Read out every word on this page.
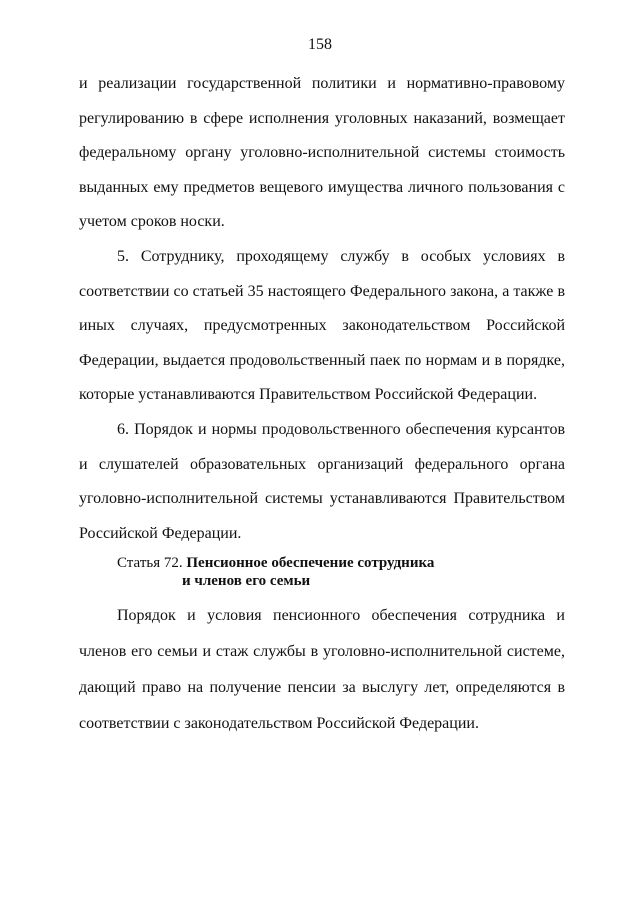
158

и реализации государственной политики и нормативно-правовому регулированию в сфере исполнения уголовных наказаний, возмещает федеральному органу уголовно-исполнительной системы стоимость выданных ему предметов вещевого имущества личного пользования с учетом сроков носки.

5. Сотруднику, проходящему службу в особых условиях в соответствии со статьей 35 настоящего Федерального закона, а также в иных случаях, предусмотренных законодательством Российской Федерации, выдается продовольственный паек по нормам и в порядке, которые устанавливаются Правительством Российской Федерации.

6. Порядок и нормы продовольственного обеспечения курсантов и слушателей образовательных организаций федерального органа уголовно-исполнительной системы устанавливаются Правительством Российской Федерации.

Статья 72. Пенсионное обеспечение сотрудника
и членов его семьи

Порядок и условия пенсионного обеспечения сотрудника и членов его семьи и стаж службы в уголовно-исполнительной системе, дающий право на получение пенсии за выслугу лет, определяются в соответствии с законодательством Российской Федерации.
